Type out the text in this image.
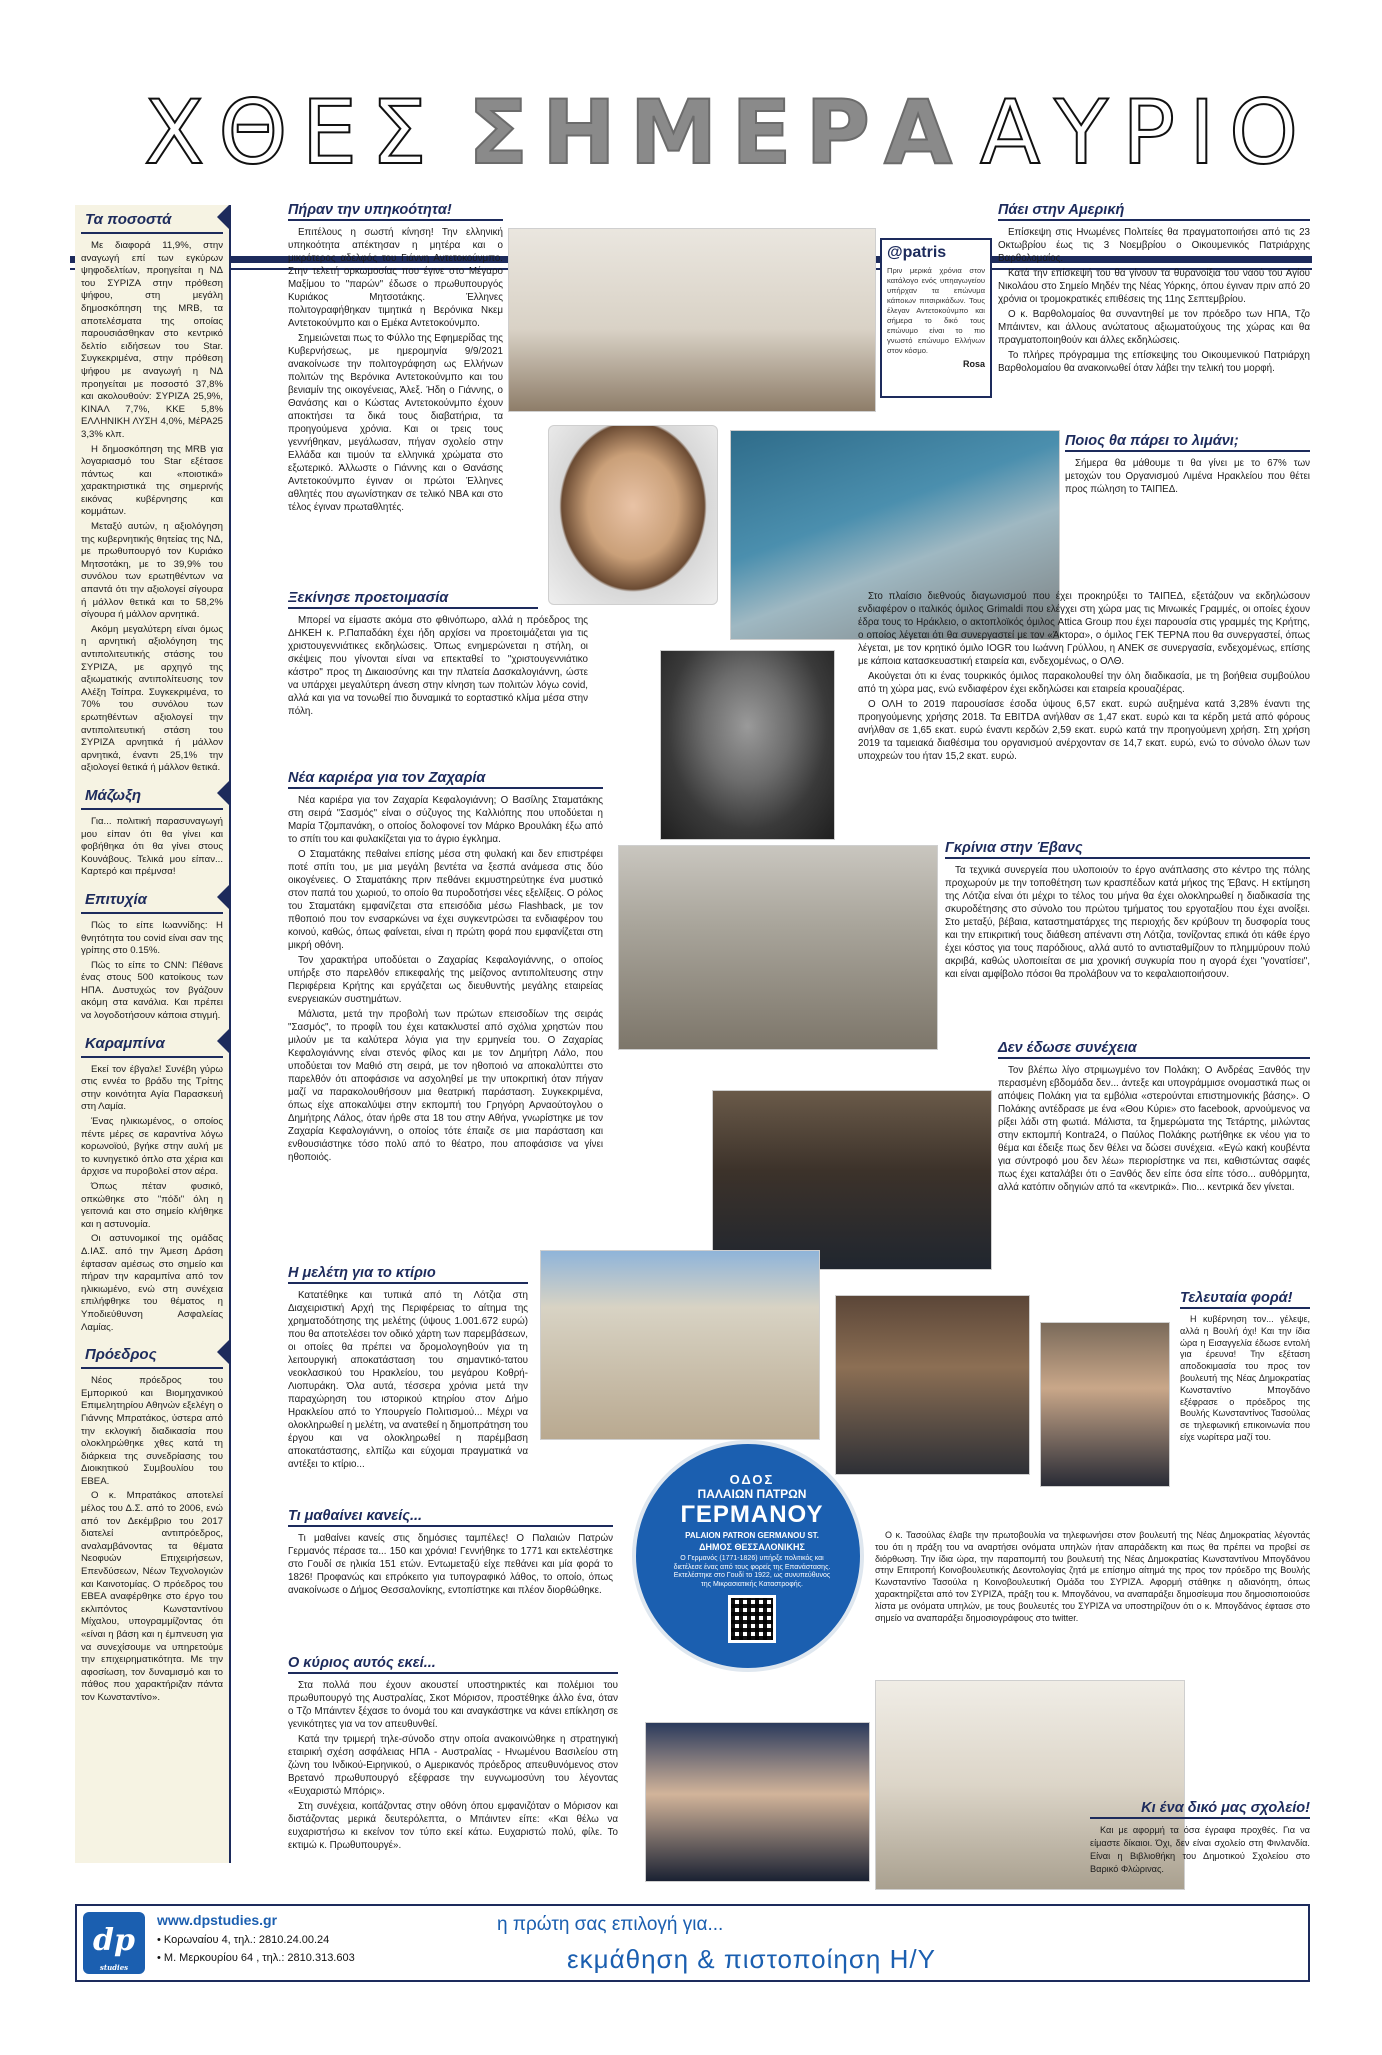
ΧΘΕΣ ΣΗΜΕΡΑ ΑΥΡΙΟ
Τα ποσοστά

Με διαφορά 11,9%, στην αναγωγή επί των εγκύρων ψηφοδελτίων, προηγείται η ΝΔ του ΣΥΡΙΖΑ στην πρόθεση ψήφου, στη μεγάλη δημοσκόπηση της MRB, τα αποτελέσματα της οποίας παρουσιάσθηκαν στο κεντρικό δελτίο ειδήσεων του Star. Συγκεκριμένα, στην πρόθεση ψήφου με αναγωγή η ΝΔ προηγείται με ποσοστό 37,8% και ακολουθούν: ΣΥΡΙΖΑ 25,9%, ΚΙΝΑΛ 7,7%, ΚΚΕ 5,8% ΕΛΛΗΝΙΚΗ ΛΥΣΗ 4,0%, ΜέΡΑ25 3,3% κλπ.

Η δημοσκόπηση της MRB για λογαριασμό του Star εξέτασε πάντως και «ποιοτικά» χαρακτηριστικά της σημερινής εικόνας κυβέρνησης και κομμάτων.

Μεταξύ αυτών, η αξιολόγηση της κυβερνητικής θητείας της ΝΔ, με πρωθυπουργό τον Κυριάκο Μητσοτάκη, με το 39,9% του συνόλου των ερωτηθέντων να απαντά ότι την αξιολογεί σίγουρα ή μάλλον θετικά και το 58,2% σίγουρα ή μάλλον αρνητικά.

Ακόμη μεγαλύτερη είναι όμως η αρνητική αξιολόγηση της αντιπολιτευτικής στάσης του ΣΥΡΙΖΑ, με αρχηγό της αξιωματικής αντιπολίτευσης τον Αλέξη Τσίπρα. Συγκεκριμένα, το 70% του συνόλου των ερωτηθέντων αξιολογεί την αντιπολιτευτική στάση του ΣΥΡΙΖΑ αρνητικά ή μάλλον αρνητικά, έναντι 25,1% την αξιολογεί θετικά ή μάλλον θετικά.

Μάζωξη

Για... πολιτική παρασυναγωγή μου είπαν ότι θα γίνει και φοβήθηκα ότι θα γίνει στους Κουνάβους. Τελικά μου είπαν... Καρτερό και πρέμνσα!

Επιτυχία

Πώς το είπε Ιωαννίδης: Η θνητότητα του covid είναι σαν της γρίπης στο 0.15%.

Πώς το είπε το CNN: Πέθανε ένας στους 500 κατοίκους των ΗΠΑ. Δυστυχώς τον βγάζουν ακόμη στα κανάλια. Και πρέπει να λογοδοτήσουν κάποια στιγμή.

Καραμπίνα

Εκεί τον έβγαλε! Συνέβη γύρω στις εννέα το βράδυ της Τρίτης στην κοινότητα Αγία Παρασκευή στη Λαμία.

Ένας ηλικιωμένος, ο οποίος πέντε μέρες σε καραντίνα λόγω κορωνοϊού, βγήκε στην αυλή με το κυνηγετικό όπλο στα χέρια και άρχισε να πυροβολεί στον αέρα.

Όπως πέταν φυσικό, οπκώθηκε στο "πόδι" όλη η γειτονιά και στο σημείο κλήθηκε και η αστυνομία.

Οι αστυνομικοί της ομάδας Δ.ΙΑΣ. από την Άμεση Δράση έφτασαν αμέσως στο σημείο και πήραν την καραμπίνα από τον ηλικιωμένο, ενώ στη συνέχεια επιλήφθηκε του θέματος η Υποδιεύθυνση Ασφαλείας Λαμίας.

Πρόεδρος

Νέος πρόεδρος του Εμπορικού και Βιομηχανικού Επιμελητηρίου Αθηνών εξελέγη ο Γιάννης Μπρατάκος, ύστερα από την εκλογική διαδικασία που ολοκληρώθηκε χθες κατά τη διάρκεια της συνεδρίασης του Διοικητικού Συμβουλίου του ΕΒΕΑ.

Ο κ. Μπρατάκος αποτελεί μέλος του Δ.Σ. από το 2006, ενώ από τον Δεκέμβριο του 2017 διατελεί αντιπρόεδρος, αναλαμβάνοντας τα θέματα Νεοφυών Επιχειρήσεων, Επενδύσεων, Νέων Τεχνολογιών και Καινοτομίας. Ο πρόεδρος του ΕΒΕΑ αναφέρθηκε στο έργο του εκλιπόντος Κωνσταντίνου Μίχαλου, υπογραμμίζοντας ότι «είναι η βάση και η έμπνευση για να συνεχίσουμε να υπηρετούμε την επιχειρηματικότητα. Με την αφοσίωση, τον δυναμισμό και το πάθος που χαρακτήριζαν πάντα τον Κωνσταντίνο».

Πήραν την υπηκοότητα!

Επιτέλους η σωστή κίνηση! Την ελληνική υπηκοότητα απέκτησαν η μητέρα και ο μικρότερος αδελφός του Γιάννη Αντετοκούνμπο. Στην τελετή ορκωμοσίας που έγινε στο Μέγαρο Μαξίμου το "παρών" έδωσε ο πρωθυπουργός Κυριάκος Μητσοτάκης. Έλληνες πολιτογραφήθηκαν τιμητικά η Βερόνικα Νκεμ Αντετοκούνμπο και ο Εμέκα Αντετοκούνμπο.

Σημειώνεται πως το Φύλλο της Εφημερίδας της Κυβερνήσεως, με ημερομηνία 9/9/2021 ανακοίνωσε την πολιτογράφηση ως Ελλήνων πολιτών της Βερόνικα Αντετοκούνμπο και του βενιαμίν της οικογένειας, Άλεξ. Ήδη ο Γιάννης, ο Θανάσης και ο Κώστας Αντετοκούνμπο έχουν αποκτήσει τα δικά τους διαβατήρια, τα προηγούμενα χρόνια. Και οι τρεις τους γεννήθηκαν, μεγάλωσαν, πήγαν σχολείο στην Ελλάδα και τιμούν τα ελληνικά χρώματα στο εξωτερικό. Άλλωστε ο Γιάννης και ο Θανάσης Αντετοκούνμπο έγιναν οι πρώτοι Έλληνες αθλητές που αγωνίστηκαν σε τελικό NBA και στο τέλος έγιναν πρωταθλητές.

Ξεκίνησε προετοιμασία

Μπορεί να είμαστε ακόμα στο φθινόπωρο, αλλά η πρόεδρος της ΔΗΚΕΗ κ. Ρ.Παπαδάκη έχει ήδη αρχίσει να προετοιμάζεται για τις χριστουγεννιάτικες εκδηλώσεις. Όπως ενημερώνεται η στήλη, οι σκέψεις που γίνονται είναι να επεκταθεί το "χριστουγεννιάτικο κάστρο" προς τη Δικαιοσύνης και την πλατεία Δασκαλογιάννη, ώστε να υπάρχει μεγαλύτερη άνεση στην κίνηση των πολιτών λόγω covid, αλλά και για να τονωθεί πιο δυναμικά το εορταστικό κλίμα μέσα στην πόλη.

Νέα καριέρα για τον Ζαχαρία

Νέα καριέρα για τον Ζαχαρία Κεφαλογιάννη; Ο Βασίλης Σταματάκης στη σειρά "Σασμός" είναι ο σύζυγος της Καλλιόπης που υποδύεται η Μαρία Τζομπανάκη, ο οποίος δολοφονεί τον Μάρκο Βρουλάκη έξω από το σπίτι του και φυλακίζεται για το άγριο έγκλημα.

Ο Σταματάκης πεθαίνει επίσης μέσα στη φυλακή και δεν επιστρέφει ποτέ σπίτι του, με μια μεγάλη βεντέτα να ξεσπά ανάμεσα στις δύο οικογένειες. Ο Σταματάκης πριν πεθάνει εκμυστηρεύτηκε ένα μυστικό στον παπά του χωριού, το οποίο θα πυροδοτήσει νέες εξελίξεις. Ο ρόλος του Σταματάκη εμφανίζεται στα επεισόδια μέσω Flashback, με τον πθοποιό που τον ενσαρκώνει να έχει συγκεντρώσει τα ενδιαφέρον του κοινού, καθώς, όπως φαίνεται, είναι η πρώτη φορά που εμφανίζεται στη μικρή οθόνη.

Τον χαρακτήρα υποδύεται ο Ζαχαρίας Κεφαλογιάννης, ο οποίος υπήρξε στο παρελθόν επικεφαλής της μείζονος αντιπολίτευσης στην Περιφέρεια Κρήτης και εργάζεται ως διευθυντής μεγάλης εταιρείας ενεργειακών συστημάτων.

Μάλιστα, μετά την προβολή των πρώτων επεισοδίων της σειράς "Σασμός", το προφίλ του έχει κατακλυστεί από σχόλια χρηστών που μιλούν με τα καλύτερα λόγια για την ερμηνεία του. Ο Ζαχαρίας Κεφαλογιάννης είναι στενός φίλος και με τον Δημήτρη Λάλο, που υποδύεται τον Μαθιό στη σειρά, με τον ηθοποιό να αποκαλύπτει στο παρελθόν ότι αποφάσισε να ασχοληθεί με την υποκριτική όταν πήγαν μαζί να παρακολουθήσουν μια θεατρική παράσταση. Συγκεκριμένα, όπως είχε αποκαλύψει στην εκπομπή του Γρηγόρη Αρναούτογλου ο Δημήτρης Λάλος, όταν ήρθε στα 18 του στην Αθήνα, γνωρίστηκε με τον Ζαχαρία Κεφαλογιάννη, ο οποίος τότε έπαιζε σε μια παράσταση και ενθουσιάστηκε τόσο πολύ από το θέατρο, που αποφάσισε να γίνει ηθοποιός.

Η μελέτη για το κτίριο

Κατατέθηκε και τυπικά από τη Λότζια στη Διαχειριστική Αρχή της Περιφέρειας το αίτημα της χρηματοδότησης της μελέτης (ύψους 1.001.672 ευρώ) που θα αποτελέσει τον οδικό χάρτη των παρεμβάσεων, οι οποίες θα πρέπει να δρομολογηθούν για τη λειτουργική αποκατάσταση του σημαντικό-τατου νεοκλασικού του Ηρακλείου, του μεγάρου Κοθρή- Λιοπυράκη. Όλα αυτά, τέσσερα χρόνια μετά την παραχώρηση του ιστορικού κτηρίου στον Δήμο Ηρακλείου από το Υπουργείο Πολιτισμού... Μέχρι να ολοκληρωθεί η μελέτη, να ανατεθεί η δημοπράτηση του έργου και να ολοκληρωθεί η παρέμβαση αποκατάστασης, ελπίζω και εύχομαι πραγματικά να αντέξει το κτίριο...

Τι μαθαίνει κανείς...

Τι μαθαίνει κανείς στις δημόσιες ταμπέλες! Ο Παλαιών Πατρών Γερμανός πέρασε τα... 150 και χρόνια! Γεννήθηκε το 1771 και εκτελέστηκε στο Γουδί σε ηλικία 151 ετών. Εντωμεταξύ είχε πεθάνει και μία φορά το 1826! Προφανώς και επρόκειτο για τυπογραφικό λάθος, το οποίο, όπως ανακοίνωσε ο Δήμος Θεσσαλονίκης, εντοπίστηκε και πλέον διορθώθηκε.

Ο κύριος αυτός εκεί...

Στα πολλά που έχουν ακουστεί υποστηρικτές και πολέμιοι του πρωθυπουργό της Αυστραλίας, Σκοτ Μόρισον, προστέθηκε άλλο ένα, όταν ο Τζο Μπάιντεν ξέχασε το όνομά του και αναγκάστηκε να κάνει επίκληση σε γενικότητες για να τον απευθυνθεί.

Κατά την τριμερή τηλε-σύνοδο στην οποία ανακοινώθηκε η στρατηγική εταιρική σχέση ασφάλειας ΗΠΑ - Αυστραλίας - Ηνωμένου Βασιλείου στη ζώνη του Ινδικού-Ειρηνικού, ο Αμερικανός πρόεδρος απευθυνόμενος στον Βρετανό πρωθυπουργό εξέφρασε την ευγνωμοσύνη του λέγοντας «Ευχαριστώ Μπόρις».

Στη συνέχεια, κοιτάζοντας στην οθόνη όπου εμφανιζόταν ο Μόρισον και διστάζοντας μερικά δευτερόλεπτα, ο Μπάιντεν είπε: «Και θέλω να ευχαριστήσω κι εκείνον τον τύπο εκεί κάτω. Ευχαριστώ πολύ, φίλε. Το εκτιμώ κ. Πρωθυπουργέ».

ΟΔΟΣ
ΠΑΛΑΙΩΝ ΠΑΤΡΩΝ
ΓΕΡΜΑΝΟΥ
PALAION PATRON GERMANOU ST.
ΔΗΜΟΣ ΘΕΣΣΑΛΟΝΙΚΗΣ
Ο Γερμανός (1771-1826) υπήρξε πολιτικός και διετέλεσε ένας από τους φορείς της Επανάστασης. Εκτελέστηκε στο Γουδί το 1922, ως συνυπεύθυνος της Μικρασιατικής Καταστροφής.
@patris
Πριν μερικά χρόνια στον κατάλογο ενός υπηαγωγείου υπήρχαν τα επώνυμα κάποιων πιτσιρικάδων. Τους έλεγαν Αντετοκούνμπο και σήμερα το δικό τους επώνυμο είναι το πιο γνωστό επώνυμο Ελλήνων στον κόσμο.
Rosa
Πάει στην Αμερική

Επίσκεψη στις Ηνωμένες Πολιτείες θα πραγματοποιήσει από τις 23 Οκτωβρίου έως τις 3 Νοεμβρίου ο Οικουμενικός Πατριάρχης Βαρθολομαίος.

Κατά την επίσκεψή του θα γίνουν τα θυρανοίξια του ναού του Αγίου Νικολάου στο Σημείο Μηδέν της Νέας Υόρκης, όπου έγιναν πριν από 20 χρόνια οι τρομοκρατικές επιθέσεις της 11ης Σεπτεμβρίου.

Ο κ. Βαρθολομαίος θα συναντηθεί με τον πρόεδρο των ΗΠΑ, Τζο Μπάιντεν, και άλλους ανώτατους αξιωματούχους της χώρας και θα πραγματοποιηθούν και άλλες εκδηλώσεις.

Το πλήρες πρόγραμμα της επίσκεψης του Οικουμενικού Πατριάρχη Βαρθολομαίου θα ανακοινωθεί όταν λάβει την τελική του μορφή.

Ποιος θα πάρει το λιμάνι;

Σήμερα θα μάθουμε τι θα γίνει με το 67% των μετοχών του Οργανισμού Λιμένα Ηρακλείου που θέτει προς πώληση το ΤΑΙΠΕΔ.

Στο πλαίσιο διεθνούς διαγωνισμού που έχει προκηρύξει το ΤΑΙΠΕΔ, εξετάζουν να εκδηλώσουν ενδιαφέρον ο ιταλικός όμιλος Grimaldi που ελέγχει στη χώρα μας τις Μινωικές Γραμμές, οι οποίες έχουν έδρα τους το Ηράκλειο, ο ακτοπλοϊκός όμιλος Attica Group που έχει παρουσία στις γραμμές της Κρήτης, ο οποίος λέγεται ότι θα συνεργαστεί με τον «Άκτορα», ο όμιλος ΓΕΚ ΤΕΡΝΑ που θα συνεργαστεί, όπως λέγεται, με τον κρητικό όμιλο ΙΟGR του Ιωάννη Γρύλλου, η ΑΝΕΚ σε συνεργασία, ενδεχομένως, επίσης με κάποια κατασκευαστική εταιρεία και, ενδεχομένως, ο ΟΛΘ.

Ακούγεται ότι κι ένας τουρκικός όμιλος παρακολουθεί την όλη διαδικασία, με τη βοήθεια συμβούλου από τη χώρα μας, ενώ ενδιαφέρον έχει εκδηλώσει και εταιρεία κρουαζιέρας.

Ο ΟΛΗ το 2019 παρουσίασε έσοδα ύψους 6,57 εκατ. ευρώ αυξημένα κατά 3,28% έναντι της προηγούμενης χρήσης 2018. Τα EBITDA ανήλθαν σε 1,47 εκατ. ευρώ και τα κέρδη μετά από φόρους ανήλθαν σε 1,65 εκατ. ευρώ έναντι κερδών 2,59 εκατ. ευρώ κατά την προηγούμενη χρήση. Στη χρήση 2019 τα ταμειακά διαθέσιμα του οργανισμού ανέρχονταν σε 14,7 εκατ. ευρώ, ενώ το σύνολο όλων των υποχρεών του ήταν 15,2 εκατ. ευρώ.

Γκρίνια στην Έβανς

Τα τεχνικά συνεργεία που υλοποιούν το έργο ανάπλασης στο κέντρο της πόλης προχωρούν με την τοποθέτηση των κρασπέδων κατά μήκος της Έβανς. Η εκτίμηση της Λότζια είναι ότι μέχρι το τέλος του μήνα θα έχει ολοκληρωθεί η διαδικασία της σκυροδέτησης στο σύνολο του πρώτου τμήματος του εργοταξίου που έχει ανοίξει. Στο μεταξύ, βέβαια, καταστηματάρχες της περιοχής δεν κρύβουν τη δυσφορία τους και την επικριτική τους διάθεση απέναντι στη Λότζια, τονίζοντας επικά ότι κάθε έργο έχει κόστος για τους παρόδιους, αλλά αυτό το αντισταθμίζουν το πλημμύρουν πολύ ακριβά, καθώς υλοποιείται σε μια χρονική συγκυρία που η αγορά έχει "γονατίσει", και είναι αμφίβολο πόσοι θα προλάβουν να το κεφαλαιοποιήσουν.

Δεν έδωσε συνέχεια

Τον βλέπω λίγο στριμωγμένο τον Πολάκη; Ο Ανδρέας Ξανθός την περασμένη εβδομάδα δεν... άντεξε και υπογράμμισε ονομαστικά πως οι απόψεις Πολάκη για τα εμβόλια «στερούνται επιστημονικής βάσης». Ο Πολάκης αντέδρασε με ένα «Θου Κύριε» στο facebook, αρνούμενος να ρίξει λάδι στη φωτιά. Μάλιστα, τα ξημερώματα της Τετάρτης, μιλώντας στην εκπομπή Kontra24, ο Παύλος Πολάκης ρωτήθηκε εκ νέου για το θέμα και έδειξε πως δεν θέλει να δώσει συνέχεια. «Εγώ κακή κουβέντα για σύντροφό μου δεν λέω» περιορίστηκε να πει, καθιστώντας σαφές πως έχει καταλάβει ότι ο Ξανθός δεν είπε όσα είπε τόσο... αυθόρμητα, αλλά κατόπιν οδηγιών από τα «κεντρικά». Πιο... κεντρικά δεν γίνεται.

Τελευταία φορά!

Η κυβέρνηση τον... γέλεψε, αλλά η Βουλή όχι! Και την ίδια ώρα η Εισαγγελία έδωσε εντολή για έρευνα! Την εξέταση αποδοκιμασία του προς τον βουλευτή της Νέας Δημοκρατίας Κωνσταντίνο Μπογδάνο εξέφρασε ο πρόεδρος της Βουλής Κωνσταντίνος Τασούλας σε τηλεφωνική επικοινωνία που είχε νωρίτερα μαζί του.

Ο κ. Τασούλας έλαβε την πρωτοβουλία να τηλεφωνήσει στον βουλευτή της Νέας Δημοκρατίας λέγοντάς του ότι η πράξη του να αναρτήσει ονόματα υπηλών ήταν απαράδεκτη και πως θα πρέπει να προβεί σε διόρθωση. Την ίδια ώρα, την παραπομπή του βουλευτή της Νέας Δημοκρατίας Κωνσταντίνου Μπογδάνου στην Επιτροπή Κοινοβουλευτικής Δεοντολογίας ζητά με επίσημο αίτημά της προς τον πρόεδρο της Βουλής Κωνσταντίνο Τασούλα η Κοινοβουλευτική Ομάδα του ΣΥΡΙΖΑ. Αφορμή στάθηκε η αδιανόητη, όπως χαρακτηρίζεται από τον ΣΥΡΙΖΑ, πράξη του κ. Μπογδάνου, να αναπαράξει δημοσίευμα που δημοσιοποιούσε λίστα με ονόματα υπηλών, με τους βουλευτές του ΣΥΡΙΖΑ να υποστηρίζουν ότι ο κ. Μπογδάνος έφτασε στο σημείο να αναπαράξει δημοσιογράφους στο twitter.

Κι ένα δικό μας σχολείο!

Και με αφορμή τα όσα έγραφα προχθές. Για να είμαστε δίκαιοι. Όχι, δεν είναι σχολείο στη Φινλανδία. Είναι η Βιβλιοθήκη του Δημοτικού Σχολείου στο Βαρικό Φλώρινας.

dp
studies
www.dpstudies.gr
• Κορωναίου 4, τηλ.: 2810.24.00.24
• Μ. Μερκουρίου 64 , τηλ.: 2810.313.603
η πρώτη σας επιλογή για...
εκμάθηση & πιστοποίηση Η/Υ
